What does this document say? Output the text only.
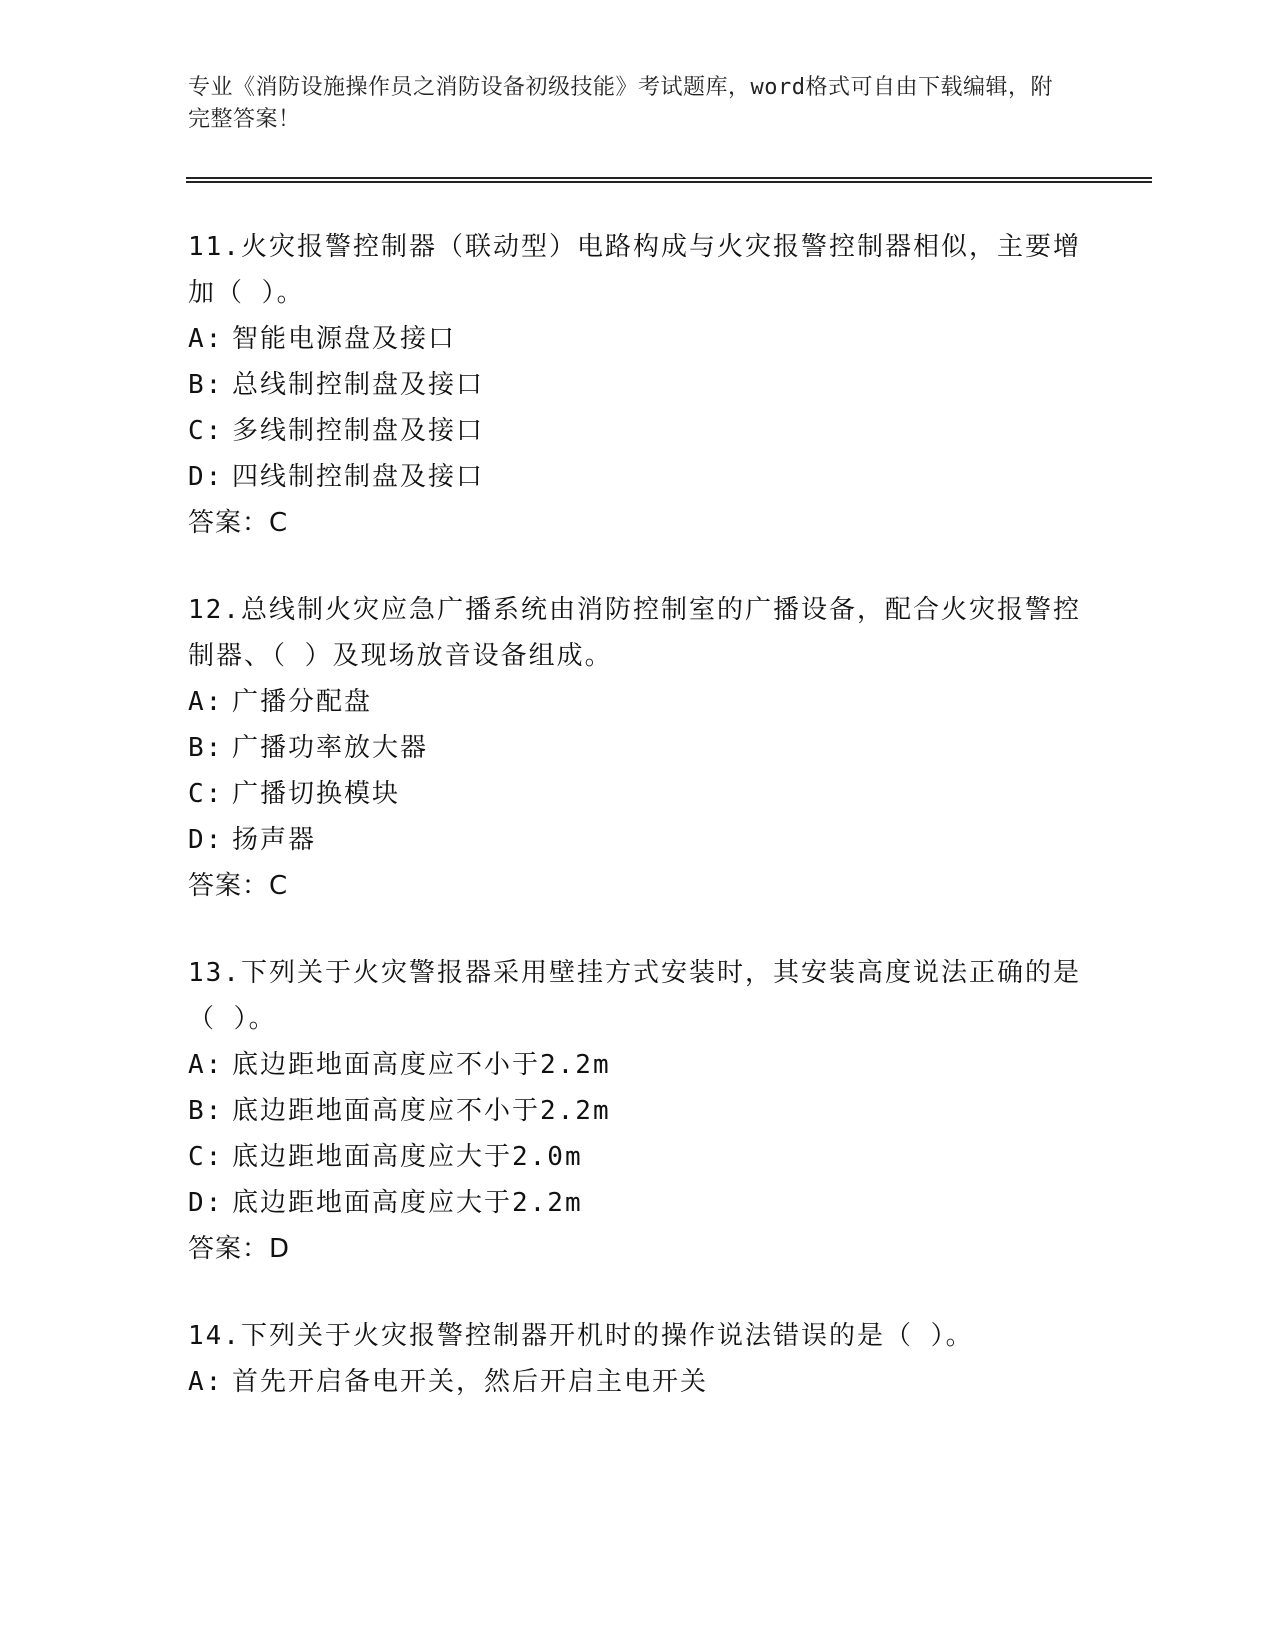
专业《消防设施操作员之消防设备初级技能》考试题库，word格式可自由下载编辑，附完整答案！

11.火灾报警控制器（联动型）电路构成与火灾报警控制器相似，主要增加（ ）。

A: 智能电源盘及接口

B: 总线制控制盘及接口

C: 多线制控制盘及接口

D: 四线制控制盘及接口

答案：C

12.总线制火灾应急广播系统由消防控制室的广播设备，配合火灾报警控制器、（ ）及现场放音设备组成。

A: 广播分配盘

B: 广播功率放大器

C: 广播切换模块

D: 扬声器

答案：C

13.下列关于火灾警报器采用壁挂方式安装时，其安装高度说法正确的是（ ）。

A: 底边距地面高度应不小于2.2m

B: 底边距地面高度应不小于2.2m

C: 底边距地面高度应大于2.0m

D: 底边距地面高度应大于2.2m

答案：D

14.下列关于火灾报警控制器开机时的操作说法错误的是（ ）。

A: 首先开启备电开关，然后开启主电开关
